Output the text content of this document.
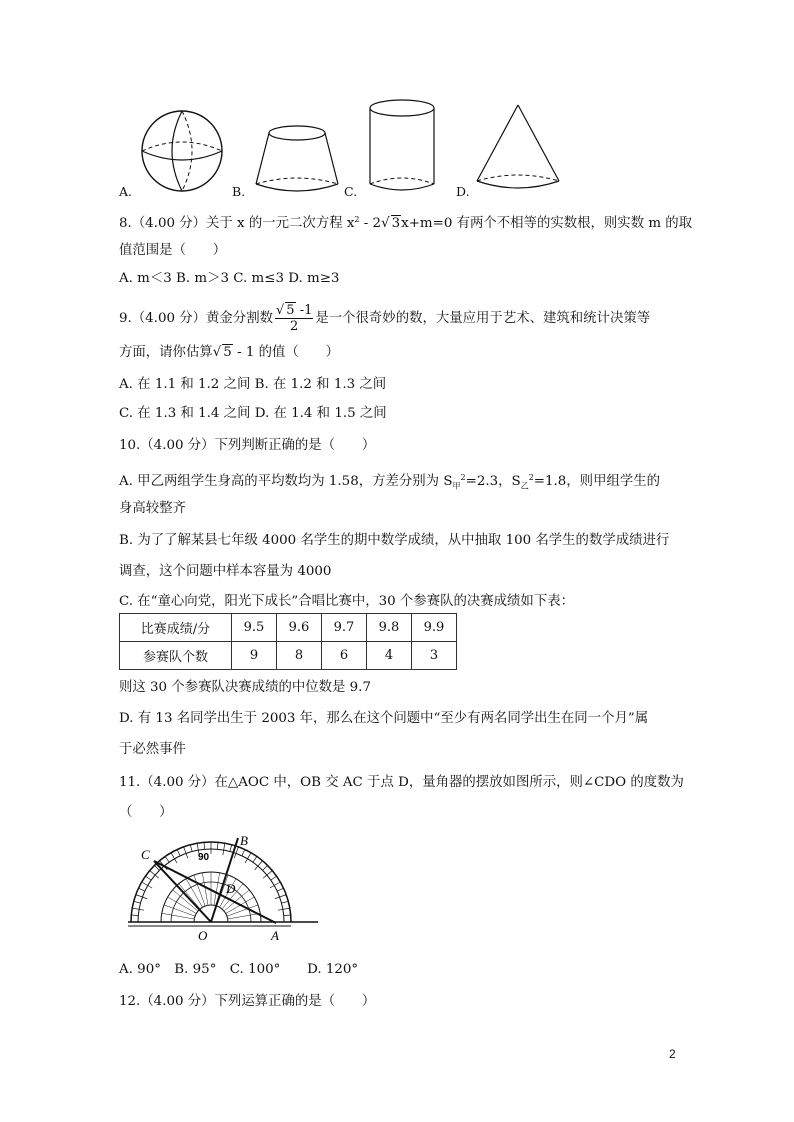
A.	B.	C.	D.
8.（4.00 分）关于 x 的一元二次方程 $x^2 - 2√$ 3x+m=0 有两个不相等的实数根，则实数 m 的取
值范围是（　　）
A. m＜3 B. m＞3 C. m≤3 D. m≥3
9.（4.00 分）黄金分割数 $\frac{√ 5 -1}{2}$ 是一个很奇妙的数，大量应用于艺术、建筑和统计决策等
方面，请你估算√ 5 - 1 的值（　　）
A. 在 1.1 和 1.2 之间 B. 在 1.2 和 1.3 之间
C. 在 1.3 和 1.4 之间 D. 在 1.4 和 1.5 之间
10.（4.00 分）下列判断正确的是（　　）
A. 甲乙两组学生身高的平均数均为 1.58，方差分别为 $S_甲^2=2.3$，$S_乙^2=1.8$，则甲组学生的
身高较整齐
B. 为了了解某县七年级 4000 名学生的期中数学成绩，从中抽取 100 名学生的数学成绩进行
调查，这个问题中样本容量为 4000
C. 在“童心向党，阳光下成长”合唱比赛中，30 个参赛队的决赛成绩如下表：
比赛成绩/分	9.5	9.6	9.7	9.8	9.9
参赛队个数	9	8	6	4	3
则这 30 个参赛队决赛成绩的中位数是 9.7
D. 有 13 名同学出生于 2003 年，那么在这个问题中“至少有两名同学出生在同一个月”属
于必然事件
11.（4.00 分）在△AOC 中，OB 交 AC 于点 D，量角器的摆放如图所示，则∠CDO 的度数为
（　　）
C
B
D
O	A
90
A. 90°　B. 95°　C. 100°　　D. 120°
12.（4.00 分）下列运算正确的是（　　）
2
